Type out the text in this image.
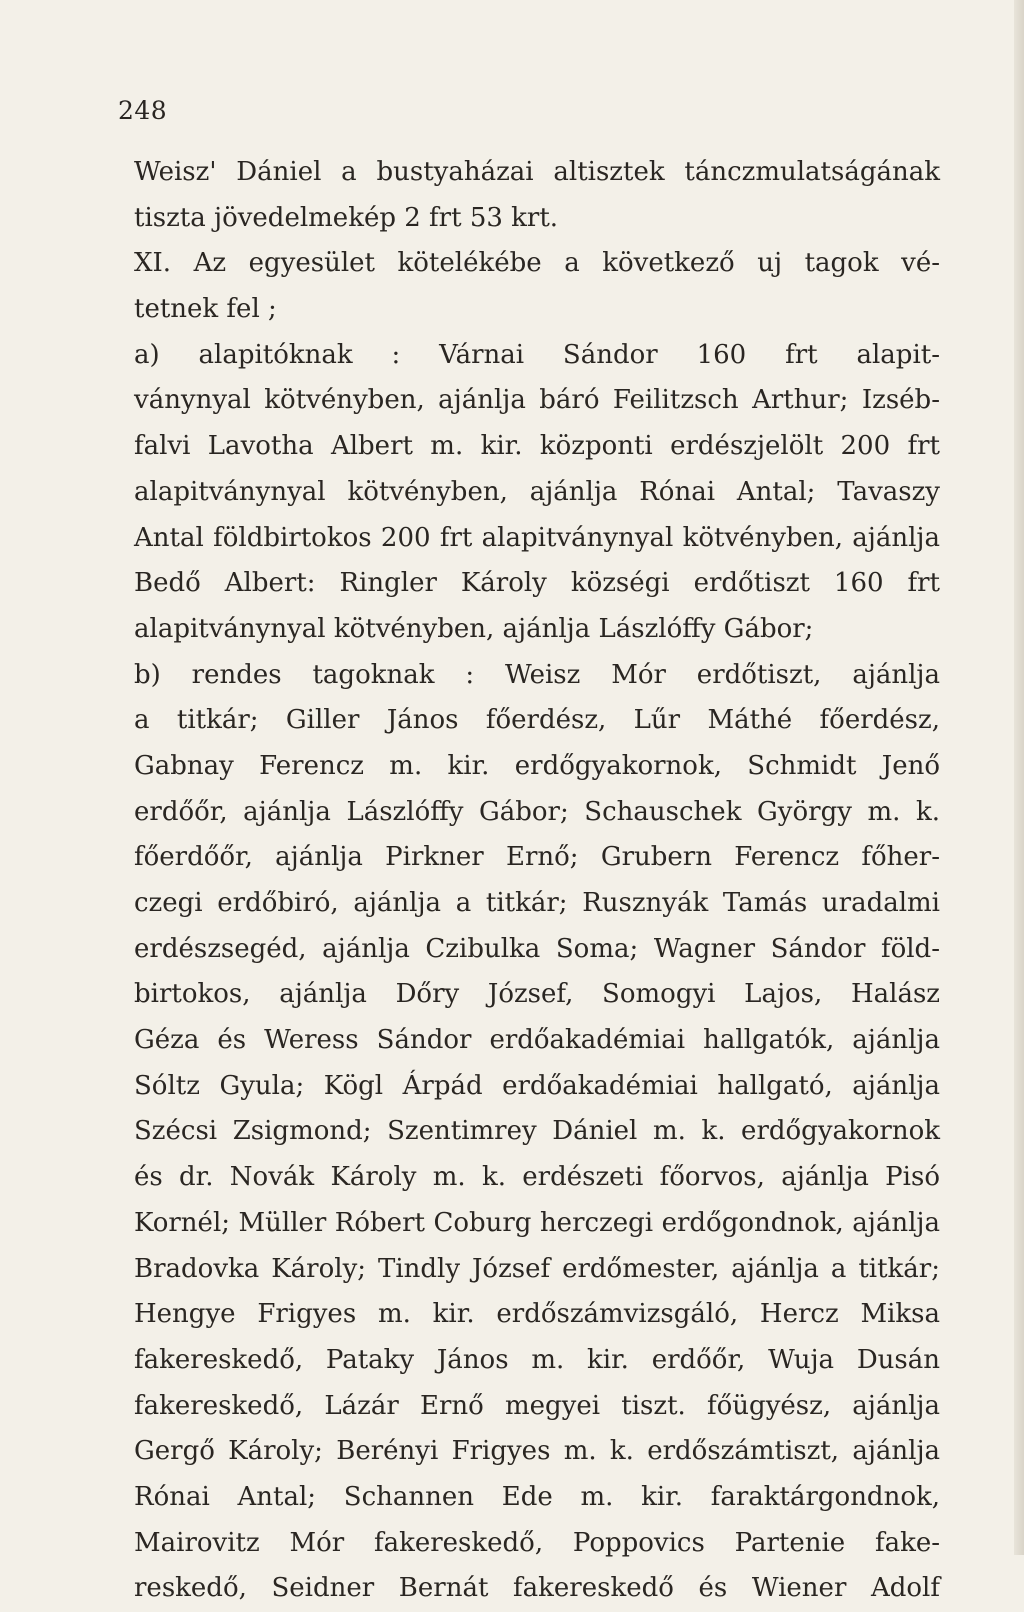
248
Weisz' Dániel a bustyaházai altisztek tánczmulatságának
tiszta jövedelmekép 2 frt 53 krt.
XI. Az egyesület kötelékébe a következő uj tagok vé-
tetnek fel ;
a) alapitóknak : Várnai Sándor 160 frt alapit-
ványnyal kötvényben, ajánlja báró Feilitzsch Arthur; Izséb-
falvi Lavotha Albert m. kir. központi erdészjelölt 200 frt
alapitványnyal kötvényben, ajánlja Rónai Antal; Tavaszy
Antal földbirtokos 200 frt alapitványnyal kötvényben, ajánlja
Bedő Albert: Ringler Károly községi erdőtiszt 160 frt
alapitványnyal kötvényben, ajánlja Lászlóffy Gábor;
b) rendes tagoknak : Weisz Mór erdőtiszt, ajánlja
a titkár; Giller János főerdész, Lűr Máthé főerdész,
Gabnay Ferencz m. kir. erdőgyakornok, Schmidt Jenő
erdőőr, ajánlja Lászlóffy Gábor; Schauschek György m. k.
főerdőőr, ajánlja Pirkner Ernő; Grubern Ferencz főher-
czegi erdőbiró, ajánlja a titkár; Rusznyák Tamás uradalmi
erdészsegéd, ajánlja Czibulka Soma; Wagner Sándor föld-
birtokos, ajánlja Dőry József, Somogyi Lajos, Halász
Géza és Weress Sándor erdőakadémiai hallgatók, ajánlja
Sóltz Gyula; Kögl Árpád erdőakadémiai hallgató, ajánlja
Szécsi Zsigmond; Szentimrey Dániel m. k. erdőgyakornok
és dr. Novák Károly m. k. erdészeti főorvos, ajánlja Pisó
Kornél; Müller Róbert Coburg herczegi erdőgondnok, ajánlja
Bradovka Károly; Tindly József erdőmester, ajánlja a titkár;
Hengye Frigyes m. kir. erdőszámvizsgáló, Hercz Miksa
fakereskedő, Pataky János m. kir. erdőőr, Wuja Dusán
fakereskedő, Lázár Ernő megyei tiszt. főügyész, ajánlja
Gergő Károly; Berényi Frigyes m. k. erdőszámtiszt, ajánlja
Rónai Antal; Schannen Ede m. kir. faraktárgondnok,
Mairovitz Mór fakereskedő, Poppovics Partenie fake-
reskedő, Seidner Bernát fakereskedő és Wiener Adolf
